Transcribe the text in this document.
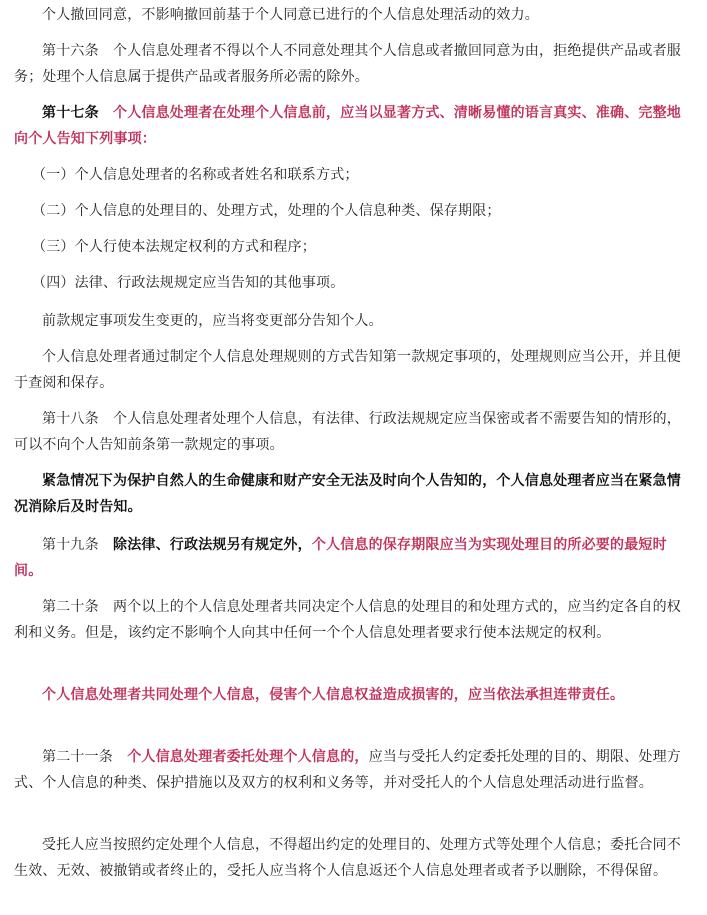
个人撤回同意，不影响撤回前基于个人同意已进行的个人信息处理活动的效力。

第十六条　个人信息处理者不得以个人不同意处理其个人信息或者撤回同意为由，拒绝提供产品或者服务；处理个人信息属于提供产品或者服务所必需的除外。

第十七条　个人信息处理者在处理个人信息前，应当以显著方式、清晰易懂的语言真实、准确、完整地向个人告知下列事项：

（一）个人信息处理者的名称或者姓名和联系方式；

（二）个人信息的处理目的、处理方式，处理的个人信息种类、保存期限；

（三）个人行使本法规定权利的方式和程序；

（四）法律、行政法规规定应当告知的其他事项。

前款规定事项发生变更的，应当将变更部分告知个人。

个人信息处理者通过制定个人信息处理规则的方式告知第一款规定事项的，处理规则应当公开，并且便于查阅和保存。

第十八条　个人信息处理者处理个人信息，有法律、行政法规规定应当保密或者不需要告知的情形的，可以不向个人告知前条第一款规定的事项。

紧急情况下为保护自然人的生命健康和财产安全无法及时向个人告知的，个人信息处理者应当在紧急情况消除后及时告知。

第十九条　除法律、行政法规另有规定外，个人信息的保存期限应当为实现处理目的所必要的最短时间。

第二十条　两个以上的个人信息处理者共同决定个人信息的处理目的和处理方式的，应当约定各自的权利和义务。但是，该约定不影响个人向其中任何一个个人信息处理者要求行使本法规定的权利。

个人信息处理者共同处理个人信息，侵害个人信息权益造成损害的，应当依法承担连带责任。

第二十一条　个人信息处理者委托处理个人信息的，应当与受托人约定委托处理的目的、期限、处理方式、个人信息的种类、保护措施以及双方的权利和义务等，并对受托人的个人信息处理活动进行监督。

受托人应当按照约定处理个人信息，不得超出约定的处理目的、处理方式等处理个人信息；委托合同不生效、无效、被撤销或者终止的，受托人应当将个人信息返还个人信息处理者或者予以删除，不得保留。
